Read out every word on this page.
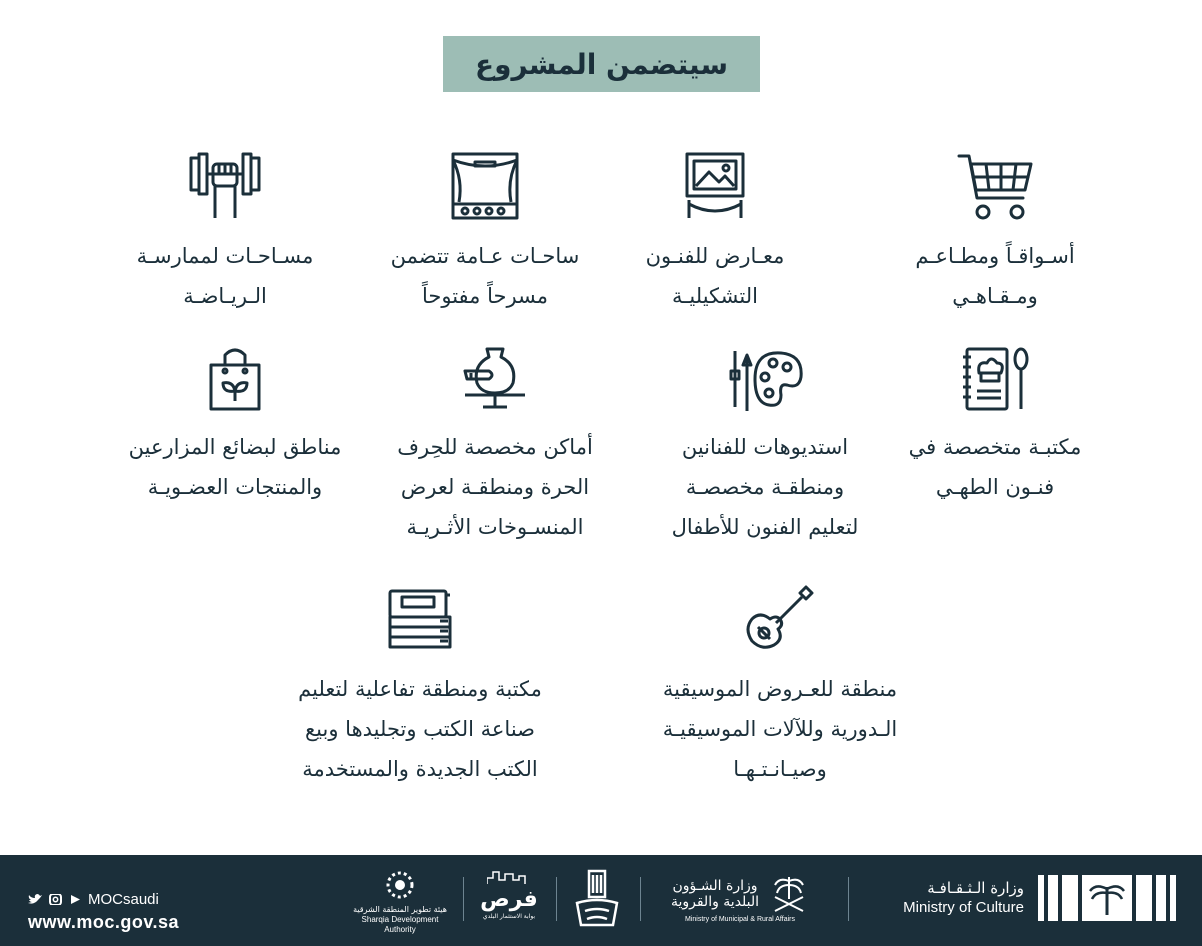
سيتضمن المشروع
أسـواقـاً ومطـاعـم
ومـقـاهـي
معـارض للفنـون
التشكيليـة
ساحـات عـامة تتضمن
مسرحاً مفتوحاً
مسـاحـات لممارسـة
الـريـاضـة
مكتبـة متخصصة في
فنـون الطهـي
استديوهات للفنانين
ومنطقـة مخصصـة
لتعليم الفنون للأطفال
أماكن مخصصة للحِرف
الحرة ومنطقـة لعرض
المنسـوخات الأثـريـة
مناطق لبضائع المزارعين
والمنتجات العضـويـة
منطقة للعـروض الموسيقية
الـدورية وللآلات الموسيقيـة
وصيـانـتـهـا
مكتبة ومنطقة تفاعلية لتعليم
صناعة الكتب وتجليدها وبيع
الكتب الجديدة والمستخدمة
MOCsaudi
www.moc.gov.sa
هيئة تطوير المنطقة الشرقية
Sharqia Development Authority
فرص
بوابة الاستثمار البلدي
وزارة الشـؤون
البلدية والقروية
Ministry of Municipal & Rural Affairs
وزارة الـثـقـافـة
Ministry of Culture
